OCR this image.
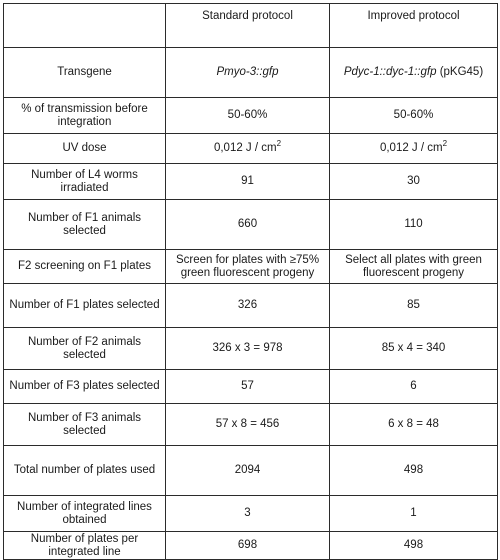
	Standard protocol	Improved protocol
Transgene	Pmyo-3::gfp	Pdyc-1::dyc-1::gfp (pKG45)
% of transmission before integration	50-60%	50-60%
UV dose	0,012 J / $cm^2$	0,012 J / $cm^2$
Number of L4 worms irradiated	91	30
Number of F1 animals selected	660	110
F2 screening on F1 plates	Screen for plates with ≥75% green fluorescent progeny	Select all plates with green fluorescent progeny
Number of F1 plates selected	326	85
Number of F2 animals selected	326 x 3 = 978	85 x 4 = 340
Number of F3 plates selected	57	6
Number of F3 animals selected	57 x 8 = 456	6 x 8 = 48
Total number of plates used	2094	498
Number of integrated lines obtained	3	1
Number of plates per integrated line	698	498
